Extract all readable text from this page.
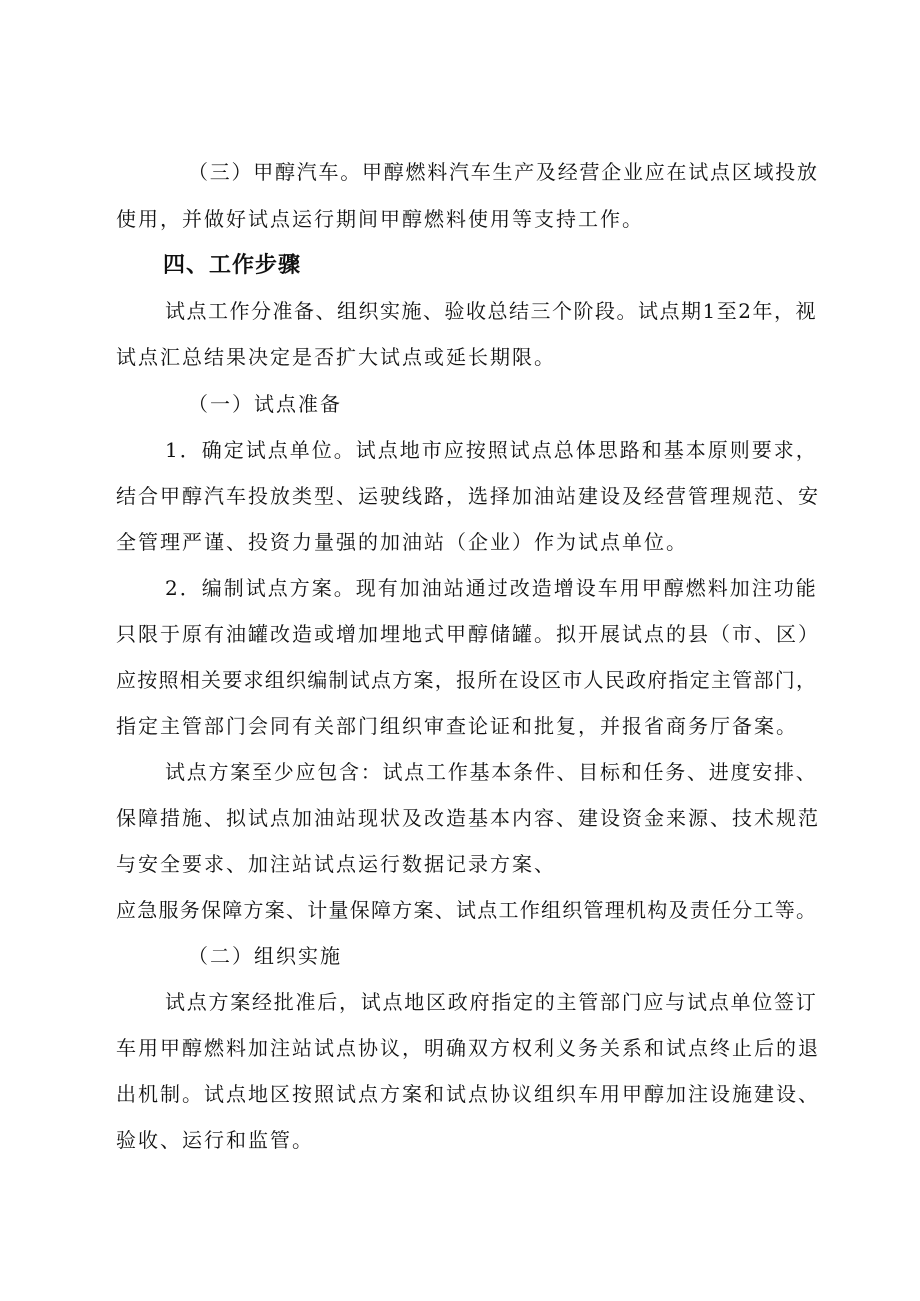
（三）甲醇汽车。甲醇燃料汽车生产及经营企业应在试点区域投放

使用，并做好试点运行期间甲醇燃料使用等支持工作。

四、工作步骤

试点工作分准备、组织实施、验收总结三个阶段。试点期1至2年，视

试点汇总结果决定是否扩大试点或延长期限。

（一）试点准备

1．确定试点单位。试点地市应按照试点总体思路和基本原则要求，

结合甲醇汽车投放类型、运驶线路，选择加油站建设及经营管理规范、安

全管理严谨、投资力量强的加油站（企业）作为试点单位。

2．编制试点方案。现有加油站通过改造增设车用甲醇燃料加注功能

只限于原有油罐改造或增加埋地式甲醇储罐。拟开展试点的县（市、区）

应按照相关要求组织编制试点方案，报所在设区市人民政府指定主管部门，

指定主管部门会同有关部门组织审查论证和批复，并报省商务厅备案。

试点方案至少应包含：试点工作基本条件、目标和任务、进度安排、

保障措施、拟试点加油站现状及改造基本内容、建设资金来源、技术规范

与安全要求、加注站试点运行数据记录方案、

应急服务保障方案、计量保障方案、试点工作组织管理机构及责任分工等。

（二）组织实施

试点方案经批准后，试点地区政府指定的主管部门应与试点单位签订

车用甲醇燃料加注站试点协议，明确双方权利义务关系和试点终止后的退

出机制。试点地区按照试点方案和试点协议组织车用甲醇加注设施建设、

验收、运行和监管。
